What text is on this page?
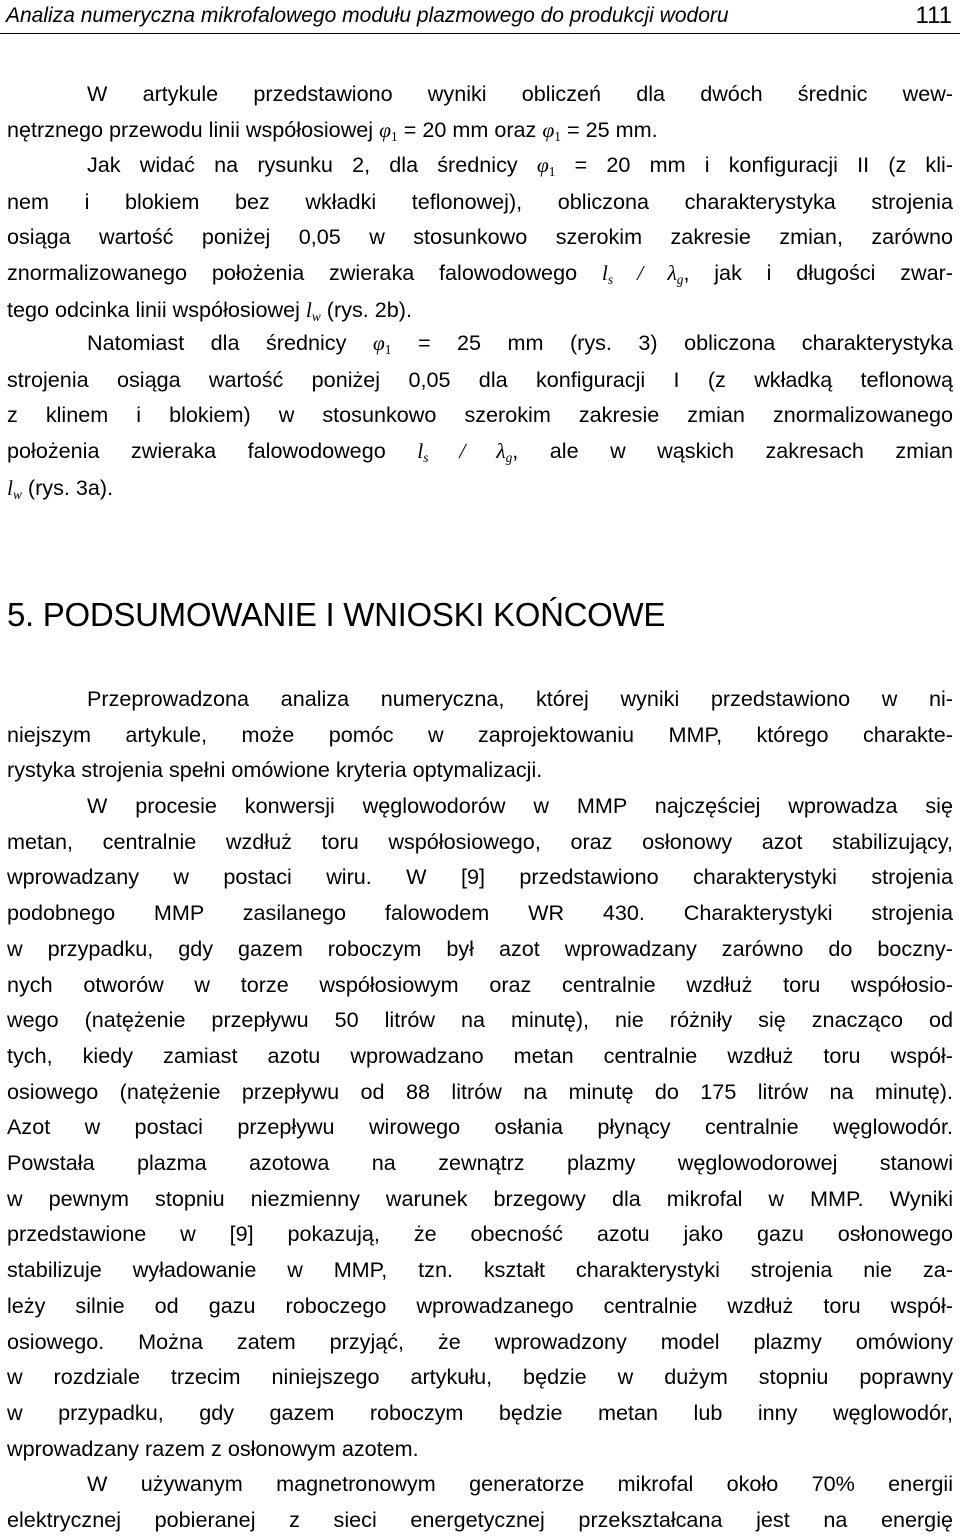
Analiza numeryczna mikrofalowego modułu plazmowego do produkcji wodoru	111
W artykule przedstawiono wyniki obliczeń dla dwóch średnic wew-
nętrznego przewodu linii współosiowej $\varphi_1 = 20$ mm oraz $\varphi_1 = 25$ mm.
Jak widać na rysunku 2, dla średnicy $\varphi_1 = 20$ mm i konfiguracji II (z kli-
nem i blokiem bez wkładki teflonowej), obliczona charakterystyka strojenia
osiąga wartość poniżej 0,05 w stosunkowo szerokim zakresie zmian, zarówno
znormalizowanego położenia zwieraka falowodowego $l_s / \lambda_g$, jak i długości zwar-
tego odcinka linii współosiowej $l_w$ (rys. 2b).
Natomiast dla średnicy $\varphi_1 = 25$ mm (rys. 3) obliczona charakterystyka
strojenia osiąga wartość poniżej 0,05 dla konfiguracji I (z wkładką teflonową
z klinem i blokiem) w stosunkowo szerokim zakresie zmian znormalizowanego
położenia zwieraka falowodowego $l_s / \lambda_g$, ale w wąskich zakresach zmian
$l_w$ (rys. 3a).
5. PODSUMOWANIE I WNIOSKI KOŃCOWE
Przeprowadzona analiza numeryczna, której wyniki przedstawiono w ni-
niejszym artykule, może pomóc w zaprojektowaniu MMP, którego charakte-
rystyka strojenia spełni omówione kryteria optymalizacji.
W procesie konwersji węglowodorów w MMP najczęściej wprowadza się
metan, centralnie wzdłuż toru współosiowego, oraz osłonowy azot stabilizujący,
wprowadzany w postaci wiru. W [9] przedstawiono charakterystyki strojenia
podobnego MMP zasilanego falowodem WR 430. Charakterystyki strojenia
w przypadku, gdy gazem roboczym był azot wprowadzany zarówno do boczny-
nych otworów w torze współosiowym oraz centralnie wzdłuż toru współosio-
wego (natężenie przepływu 50 litrów na minutę), nie różniły się znacząco od
tych, kiedy zamiast azotu wprowadzano metan centralnie wzdłuż toru współ-
osiowego (natężenie przepływu od 88 litrów na minutę do 175 litrów na minutę).
Azot w postaci przepływu wirowego osłania płynący centralnie węglowodór.
Powstała plazma azotowa na zewnątrz plazmy węglowodorowej stanowi
w pewnym stopniu niezmienny warunek brzegowy dla mikrofal w MMP. Wyniki
przedstawione w [9] pokazują, że obecność azotu jako gazu osłonowego
stabilizuje wyładowanie w MMP, tzn. kształt charakterystyki strojenia nie za-
leży silnie od gazu roboczego wprowadzanego centralnie wzdłuż toru współ-
osiowego. Można zatem przyjąć, że wprowadzony model plazmy omówiony
w rozdziale trzecim niniejszego artykułu, będzie w dużym stopniu poprawny
w przypadku, gdy gazem roboczym będzie metan lub inny węglowodór,
wprowadzany razem z osłonowym azotem.
W używanym magnetronowym generatorze mikrofal około 70% energii
elektrycznej pobieranej z sieci energetycznej przekształcana jest na energię
